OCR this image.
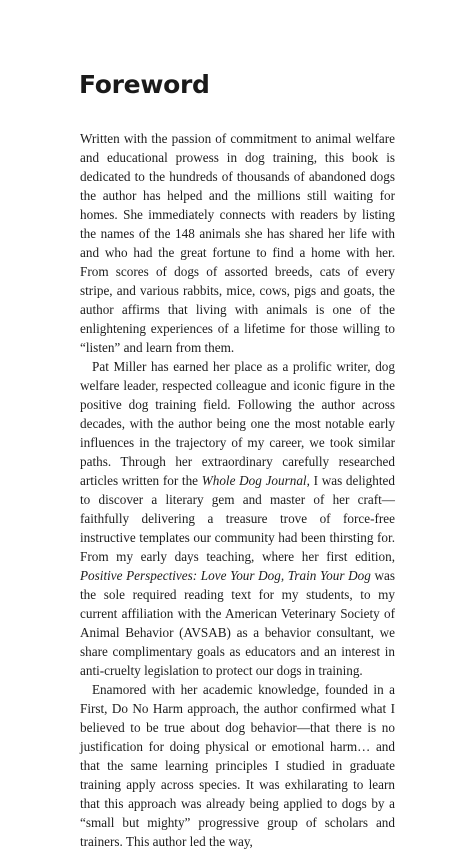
Foreword

Written with the passion of commitment to animal welfare and educational prowess in dog training, this book is dedicated to the hundreds of thousands of abandoned dogs the author has helped and the millions still waiting for homes. She immediately connects with readers by listing the names of the 148 animals she has shared her life with and who had the great fortune to find a home with her. From scores of dogs of assorted breeds, cats of every stripe, and various rabbits, mice, cows, pigs and goats, the author affirms that living with animals is one of the enlightening experiences of a lifetime for those willing to “listen” and learn from them.

Pat Miller has earned her place as a prolific writer, dog welfare leader, respected colleague and iconic figure in the positive dog training field. Following the author across decades, with the author being one the most notable early influences in the trajectory of my career, we took similar paths. Through her extraordinary carefully researched articles written for the Whole Dog Journal, I was delighted to discover a literary gem and master of her craft—faithfully delivering a treasure trove of force-free instructive templates our community had been thirsting for. From my early days teaching, where her first edition, Positive Perspectives: Love Your Dog, Train Your Dog was the sole required reading text for my students, to my current affiliation with the American Veterinary Society of Animal Behavior (AVSAB) as a behavior consultant, we share complimentary goals as educators and an interest in anti-cruelty legislation to protect our dogs in training.

Enamored with her academic knowledge, founded in a First, Do No Harm approach, the author confirmed what I believed to be true about dog behavior—that there is no justification for doing physical or emotional harm… and that the same learning principles I studied in graduate training apply across species. It was exhilarating to learn that this approach was already being applied to dogs by a “small but mighty” progressive group of scholars and trainers. This author led the way,
